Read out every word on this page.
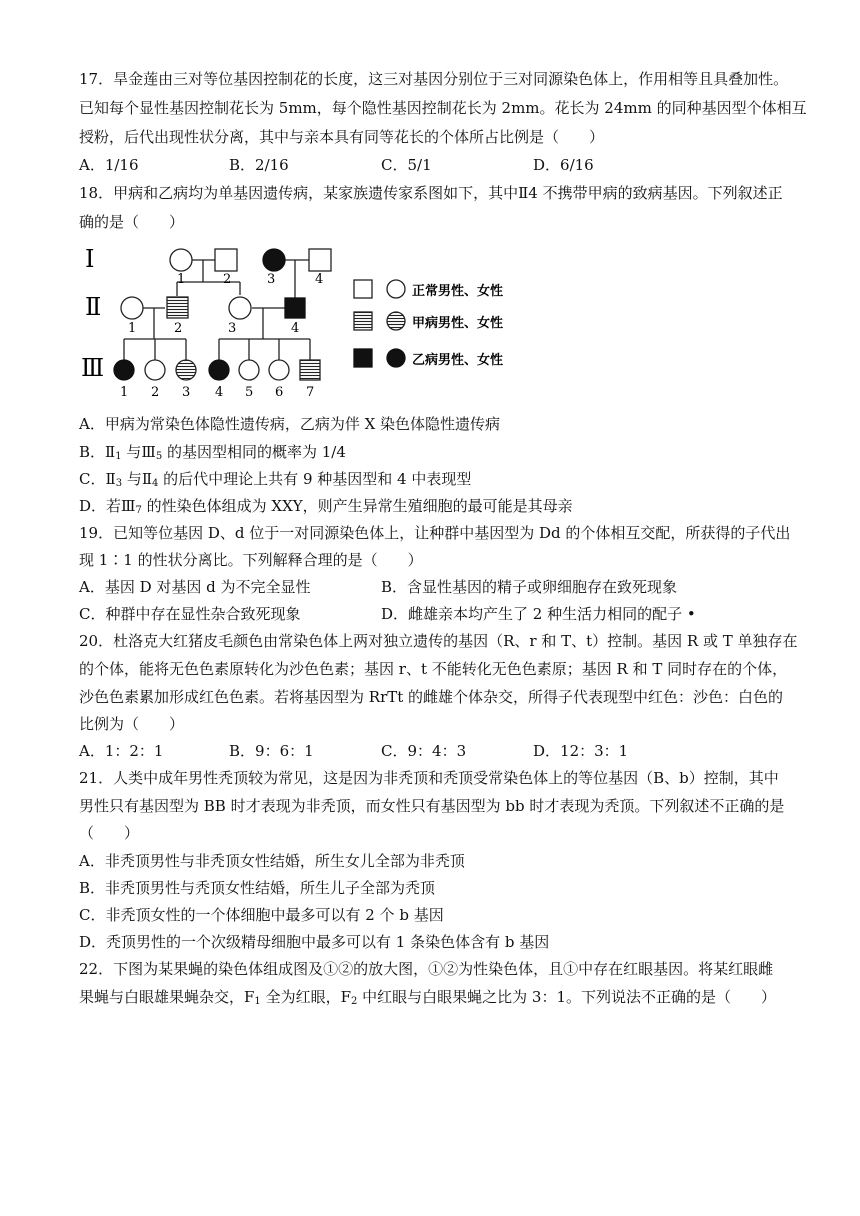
17．旱金莲由三对等位基因控制花的长度，这三对基因分别位于三对同源染色体上，作用相等且具叠加性。
已知每个显性基因控制花长为 5mm，每个隐性基因控制花长为 2mm。花长为 24mm 的同种基因型个体相互
授粉，后代出现性状分离，其中与亲本具有同等花长的个体所占比例是（　　）
A．1/16	B．2/16	C．5/1	D．6/16
18．甲病和乙病均为单基因遗传病，某家族遗传家系图如下，其中Ⅱ4 不携带甲病的致病基因。下列叙述正
确的是（　　）
Ⅰ
Ⅱ
Ⅲ
1	2	3	4
1	2	3	4
1 2 3
正常男性、女性
甲病男性、女性
乙病男性、女性
4 5 6 7
A．甲病为常染色体隐性遗传病，乙病为伴 X 染色体隐性遗传病
B．$Ⅱ_1$ 与$Ⅲ_5$ 的基因型相同的概率为 1/4
C．$Ⅱ_3$ 与$Ⅱ_4$ 的后代中理论上共有 9 种基因型和 4 中表现型
D．若$Ⅲ_7$ 的性染色体组成为 XXY，则产生异常生殖细胞的最可能是其母亲
19．已知等位基因 D、d 位于一对同源染色体上，让种群中基因型为 Dd 的个体相互交配，所获得的子代出
现 1∶1 的性状分离比。下列解释合理的是（　　）
A．基因 D 对基因 d 为不完全显性	B．含显性基因的精子或卵细胞存在致死现象
C．种群中存在显性杂合致死现象	D．雌雄亲本均产生了 2 种生活力相同的配子 •
20．杜洛克大红猪皮毛颜色由常染色体上两对独立遗传的基因（R、r 和 T、t）控制。基因 R 或 T 单独存在
的个体，能将无色色素原转化为沙色色素；基因 r、t 不能转化无色色素原；基因 R 和 T 同时存在的个体，
沙色色素累加形成红色色素。若将基因型为 RrTt 的雌雄个体杂交，所得子代表现型中红色：沙色：白色的
比例为（　　）
A．1：2：1	B．9：6：1	C．9：4：3	D．12：3：1
21．人类中成年男性秃顶较为常见，这是因为非秃顶和秃顶受常染色体上的等位基因（B、b）控制，其中
男性只有基因型为 BB 时才表现为非秃顶，而女性只有基因型为 bb 时才表现为秃顶。下列叙述不正确的是
（　　）
A．非秃顶男性与非秃顶女性结婚，所生女儿全部为非秃顶
B．非秃顶男性与秃顶女性结婚，所生儿子全部为秃顶
C．非秃顶女性的一个体细胞中最多可以有 2 个 b 基因
D．秃顶男性的一个次级精母细胞中最多可以有 1 条染色体含有 b 基因
22．下图为某果蝇的染色体组成图及①②的放大图，①②为性染色体，且①中存在红眼基因。将某红眼雌
果蝇与白眼雄果蝇杂交，$F_1$ 全为红眼，$F_2$ 中红眼与白眼果蝇之比为 3：1。下列说法不正确的是（　　）
